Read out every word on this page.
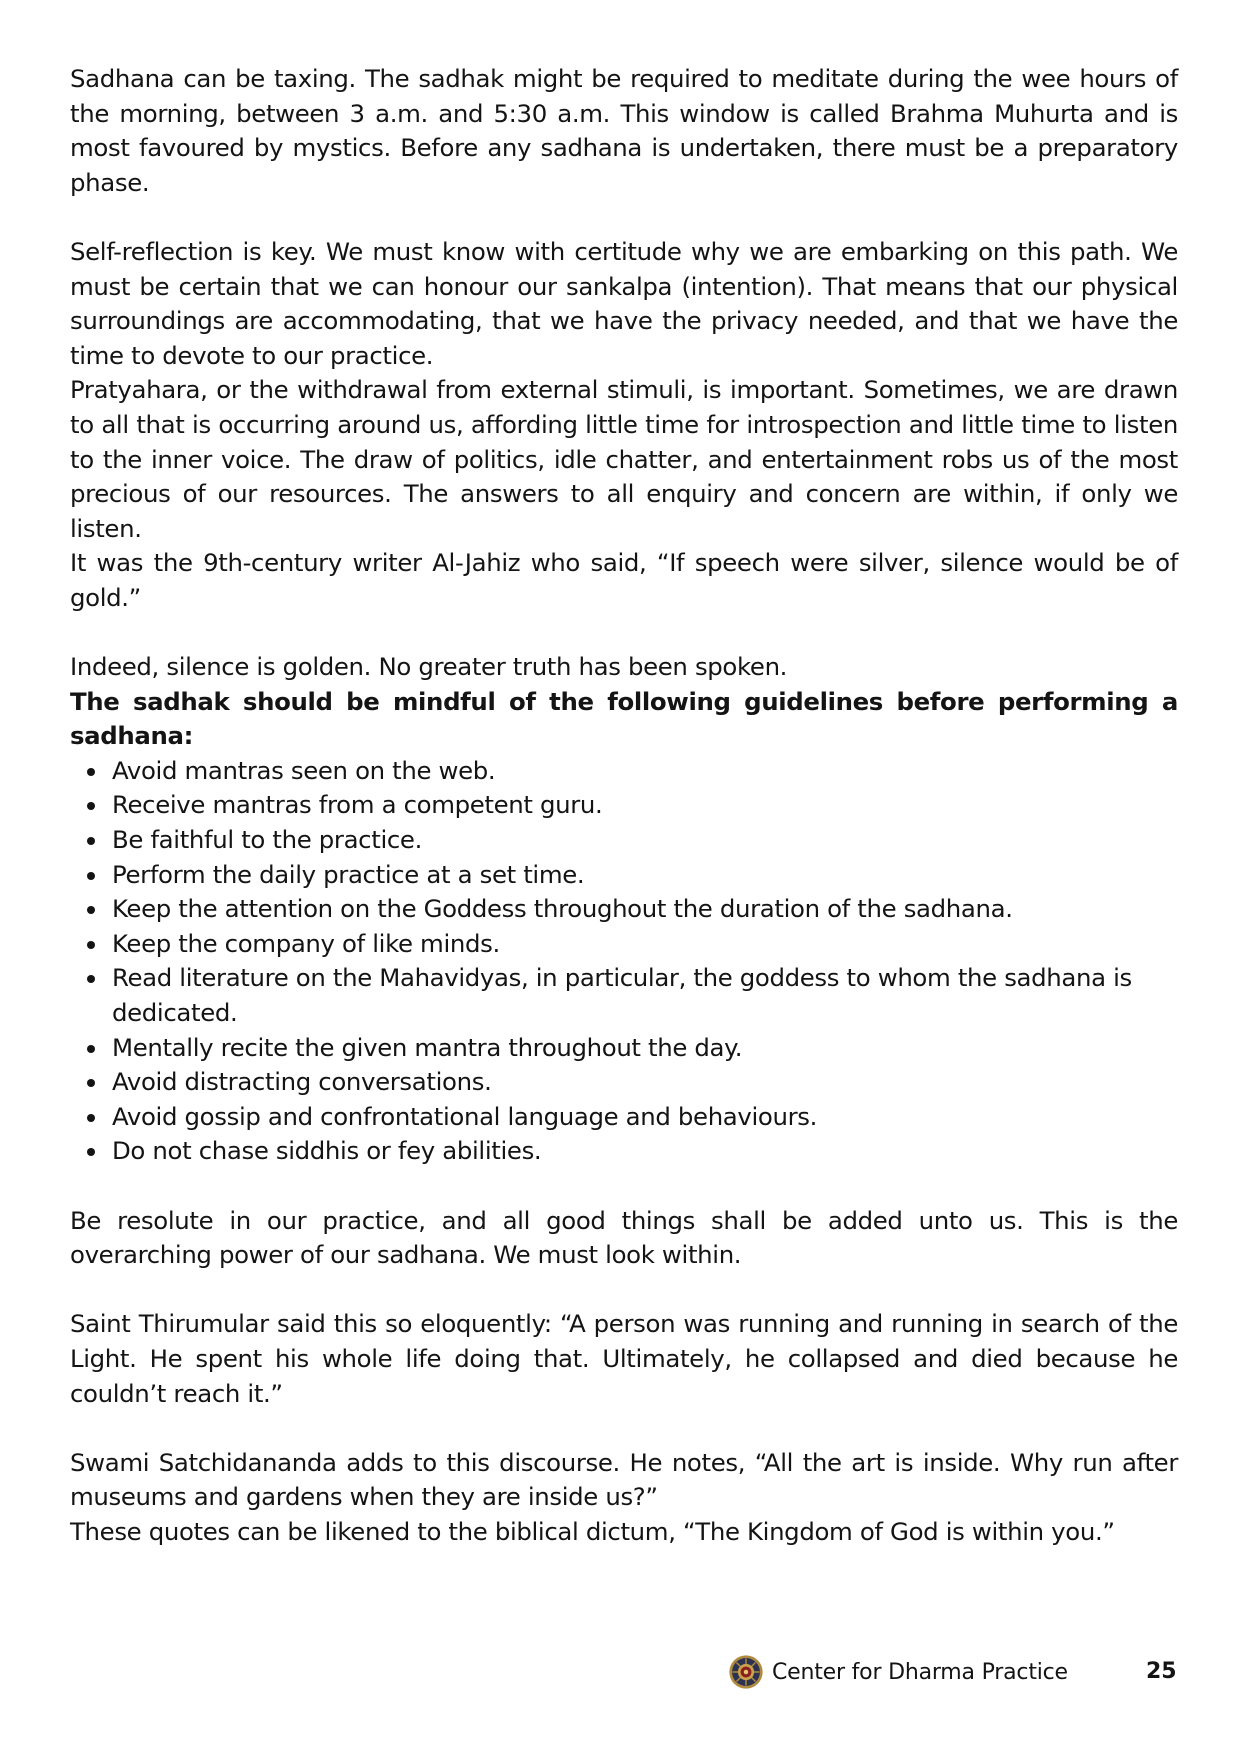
Sadhana can be taxing. The sadhak might be required to meditate during the wee hours of the morning, between 3 a.m. and 5:30 a.m. This window is called Brahma Muhurta and is most favoured by mystics. Before any sadhana is undertaken, there must be a preparatory phase.

Self-reflection is key. We must know with certitude why we are embarking on this path. We must be certain that we can honour our sankalpa (intention). That means that our physical surroundings are accommodating, that we have the privacy needed, and that we have the time to devote to our practice.

Pratyahara, or the withdrawal from external stimuli, is important. Sometimes, we are drawn to all that is occurring around us, affording little time for introspection and little time to listen to the inner voice. The draw of politics, idle chatter, and entertainment robs us of the most precious of our resources. The answers to all enquiry and concern are within, if only we listen.

It was the 9th-century writer Al-Jahiz who said, “If speech were silver, silence would be of gold.”

Indeed, silence is golden. No greater truth has been spoken.

The sadhak should be mindful of the following guidelines before performing a sadhana:

Avoid mantras seen on the web.
Receive mantras from a competent guru.
Be faithful to the practice.
Perform the daily practice at a set time.
Keep the attention on the Goddess throughout the duration of the sadhana.
Keep the company of like minds.
Read literature on the Mahavidyas, in particular, the goddess to whom the sadhana is dedicated.
Mentally recite the given mantra throughout the day.
Avoid distracting conversations.
Avoid gossip and confrontational language and behaviours.
Do not chase siddhis or fey abilities.

Be resolute in our practice, and all good things shall be added unto us. This is the overarching power of our sadhana. We must look within.

Saint Thirumular said this so eloquently: “A person was running and running in search of the Light. He spent his whole life doing that. Ultimately, he collapsed and died because he couldn’t reach it.”

Swami Satchidananda adds to this discourse. He notes, “All the art is inside. Why run after museums and gardens when they are inside us?”

These quotes can be likened to the biblical dictum, “The Kingdom of God is within you.”

Center for Dharma Practice	25
